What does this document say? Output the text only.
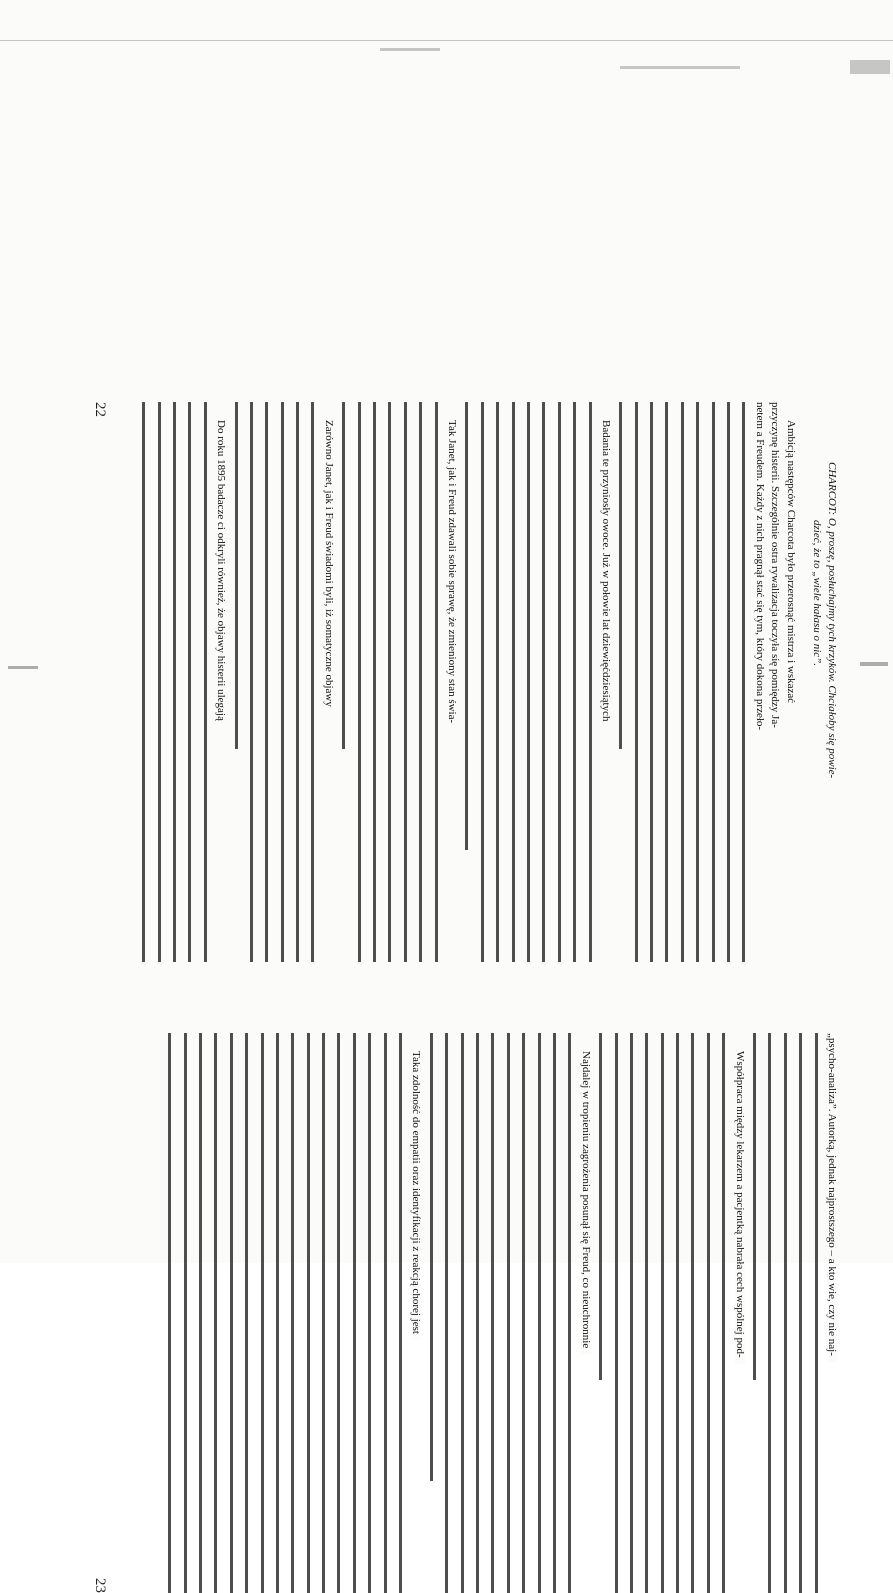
CHARCOT: O, proszę, posłuchajmy tych krzyków. Chciałoby się powie-
dzieć, że to „wiele hałasu o nic”.
Ambicją następców Charcota było przerosnąć mistrza i wskazać
przyczynę histerii. Szczególnie ostra rywalizacja toczyła się pomiędzy Ja-
netem a Freudem. Każdy z nich pragnął stać się tym, który dokona przeło-
Badania te przyniosły owoce. Już w połowie lat dziewięćdziesiątych
Tak Janet, jak i Freud zdawali sobie sprawę, że zmieniony stan świa-
Zarówno Janet, jak i Freud świadomi byli, iż somatyczne objawy
Do roku 1895 badacze ci odkryli również, że objawy histerii ulegają
22
„psycho-analiza”. Autorką, jednak najprostszego – a kto wie, czy nie naj-
Współpraca między lekarzem a pacjentką nabrała cech wspólnej pod-
Najdalej w tropieniu zagrożenia posunął się Freud, co nieuchronnie
Taka zdolność do empatii oraz identyfikacji z reakcją chorej jest
23
